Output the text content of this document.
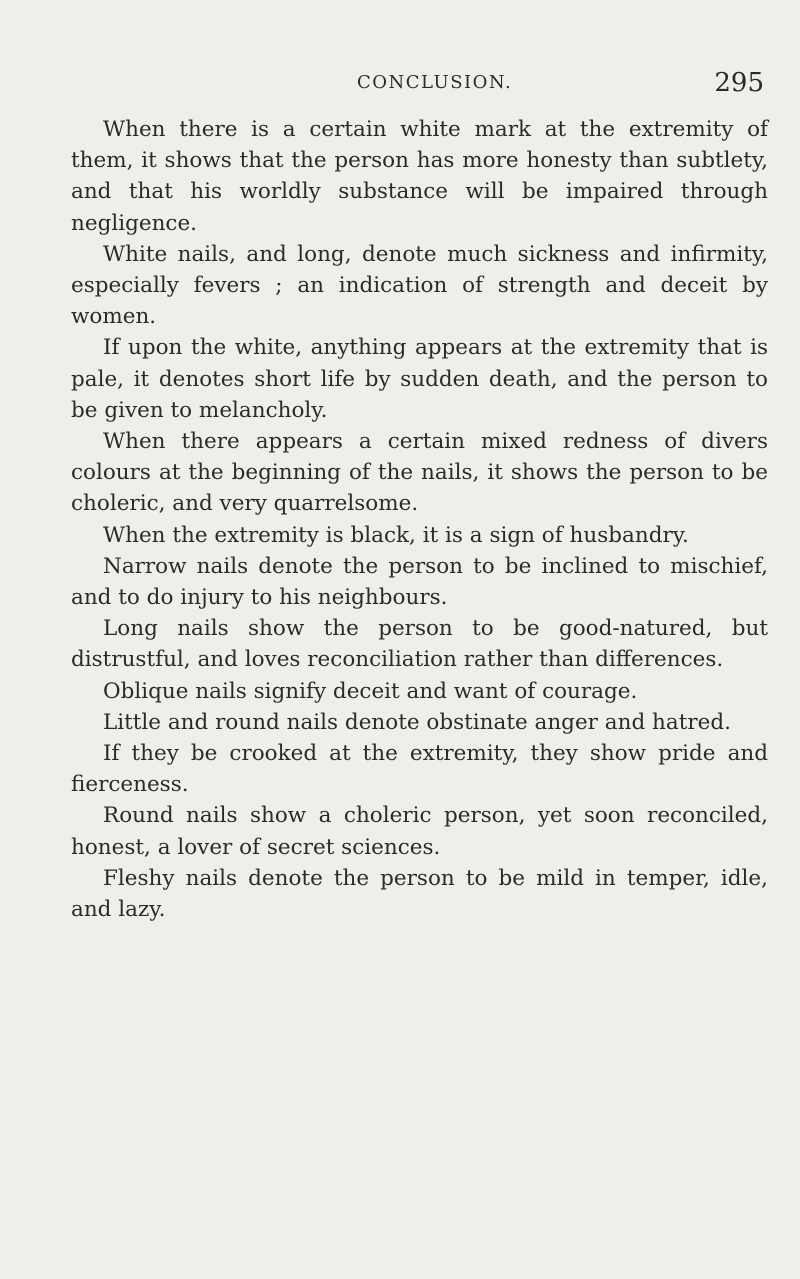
CONCLUSION.	295

When there is a certain white mark at the extremity of them, it shows that the person has more honesty than subtlety, and that his worldly substance will be impaired through negligence.

White nails, and long, denote much sickness and infirmity, especially fevers ; an indication of strength and deceit by women.

If upon the white, anything appears at the extremity that is pale, it denotes short life by sudden death, and the person to be given to melancholy.

When there appears a certain mixed redness of divers colours at the beginning of the nails, it shows the person to be choleric, and very quarrelsome.

When the extremity is black, it is a sign of husbandry.

Narrow nails denote the person to be inclined to mischief, and to do injury to his neighbours.

Long nails show the person to be good-natured, but distrustful, and loves reconciliation rather than differences.

Oblique nails signify deceit and want of courage.

Little and round nails denote obstinate anger and hatred.

If they be crooked at the extremity, they show pride and fierceness.

Round nails show a choleric person, yet soon reconciled, honest, a lover of secret sciences.

Fleshy nails denote the person to be mild in temper, idle, and lazy.
